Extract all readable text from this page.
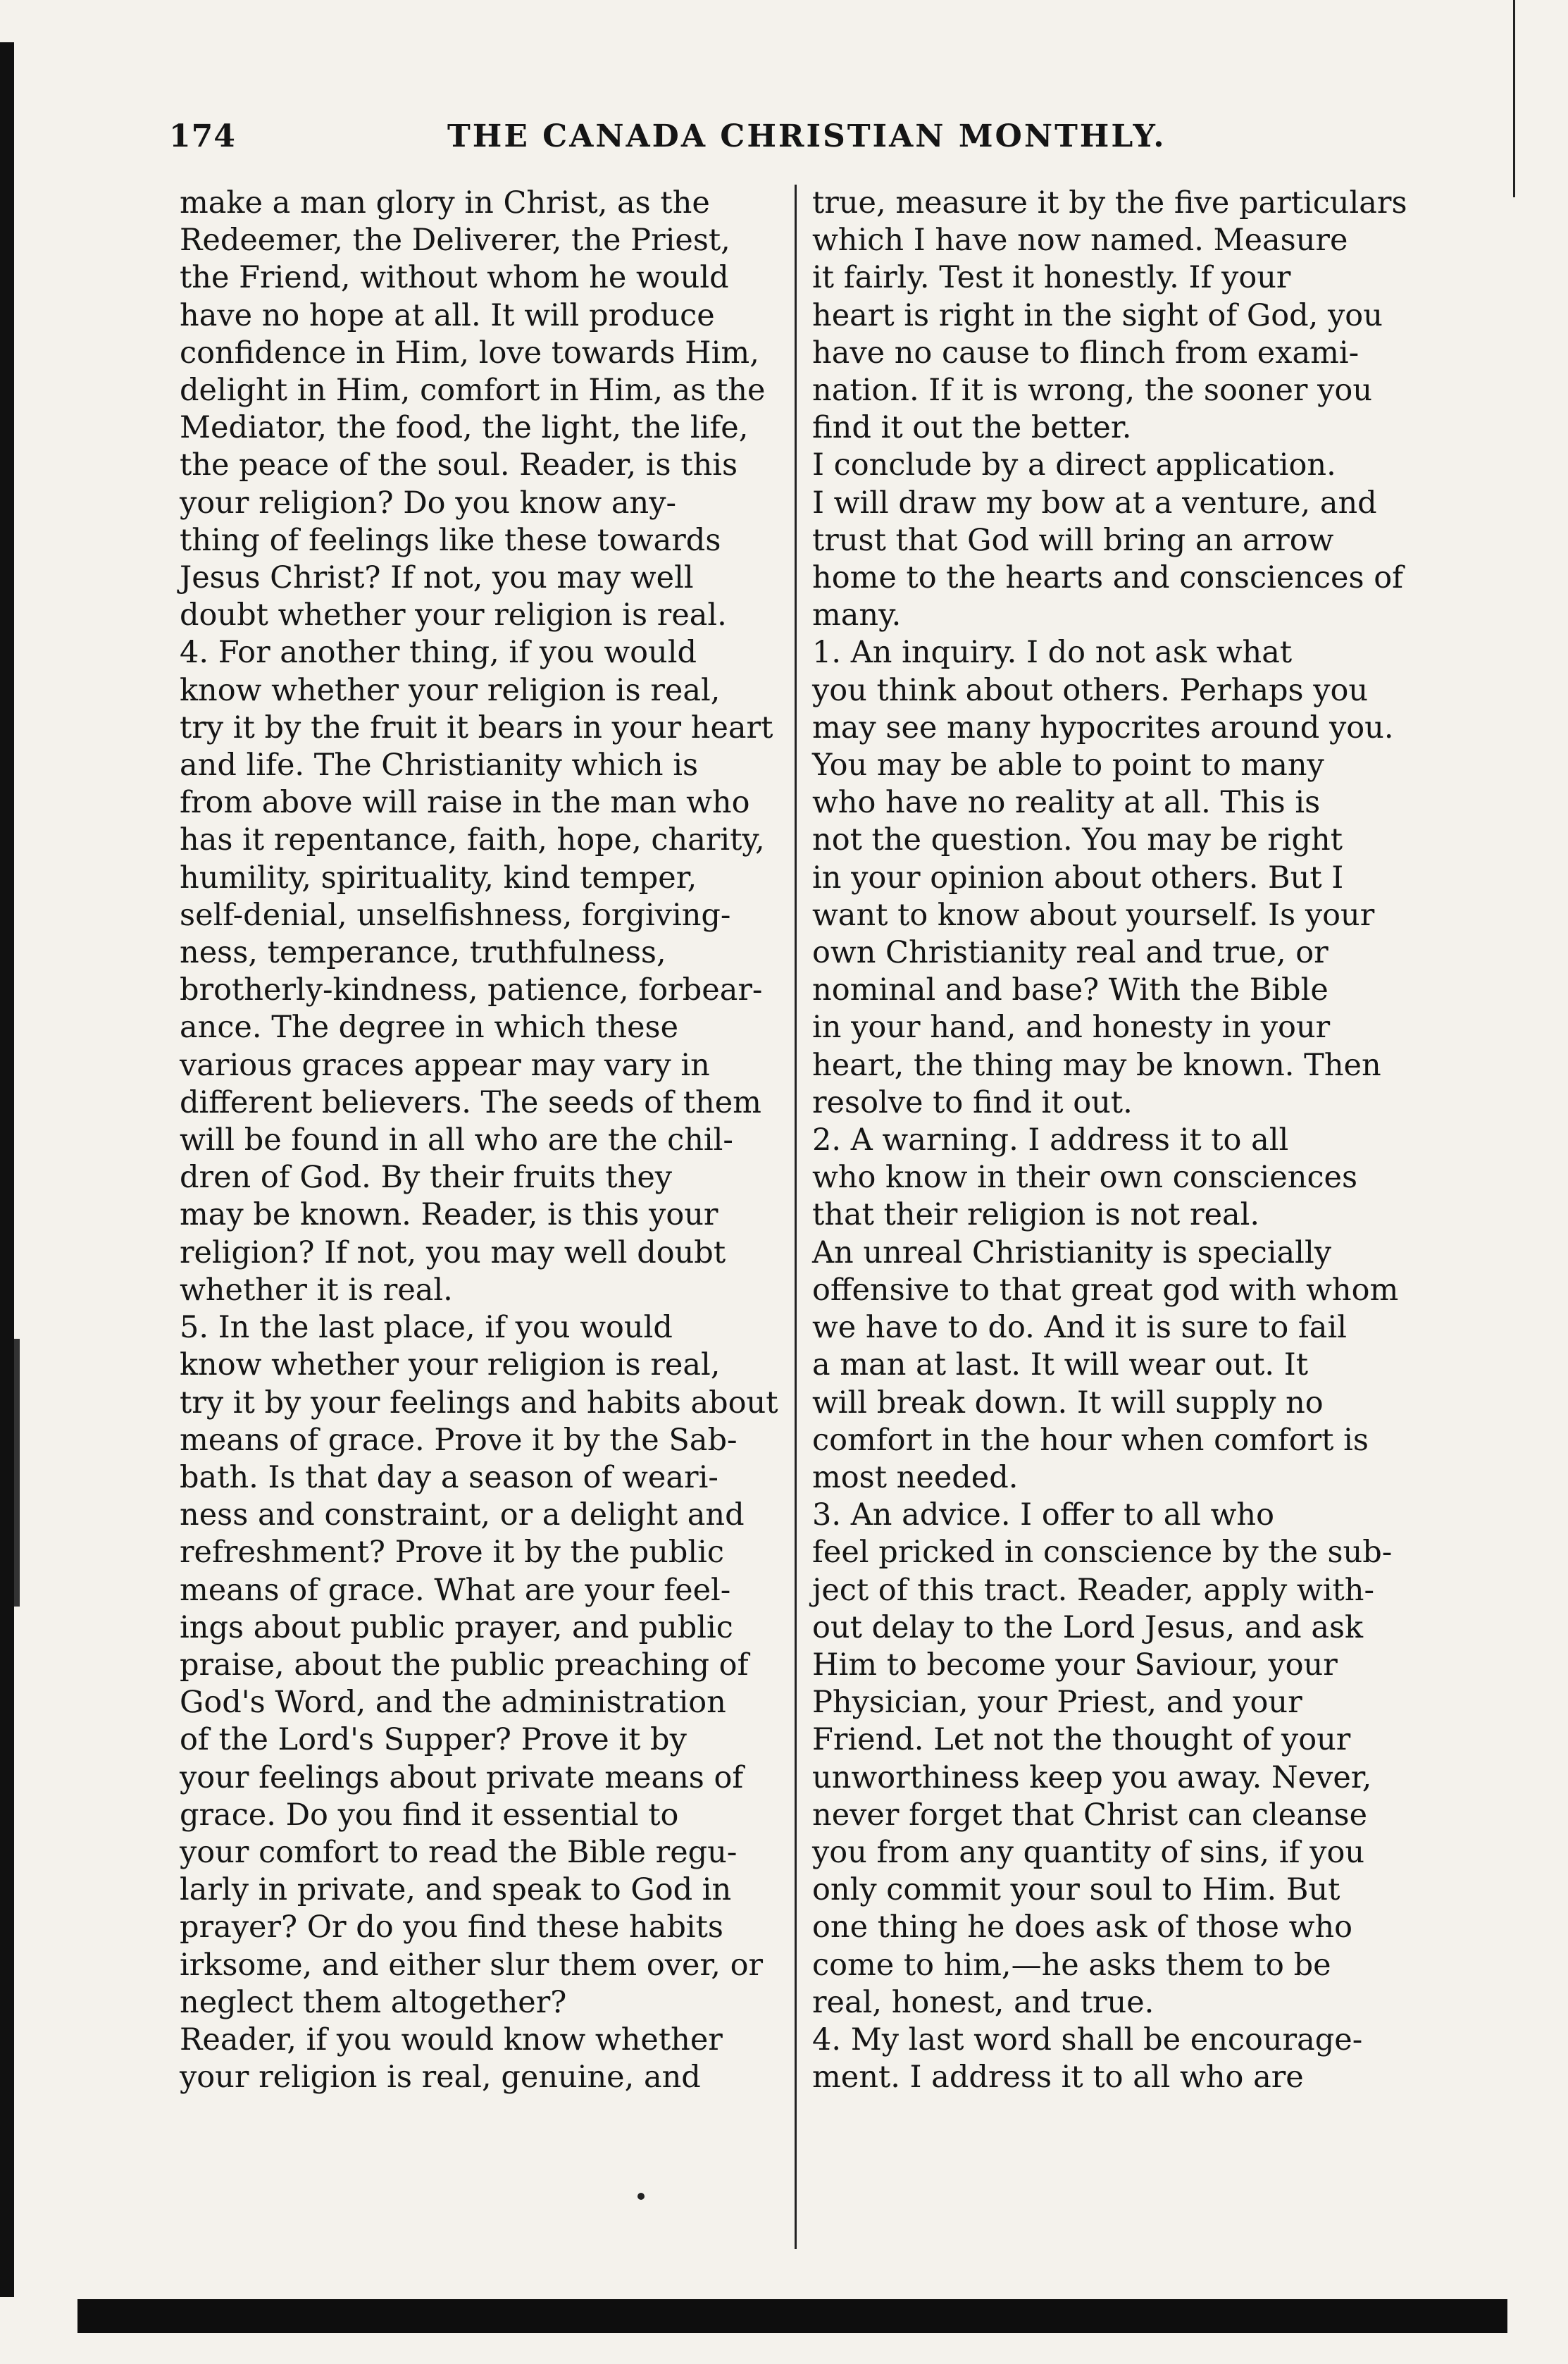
174	THE CANADA CHRISTIAN MONTHLY.

make a man glory in Christ, as the
Redeemer, the Deliverer, the Priest,
the Friend, without whom he would
have no hope at all. It will produce
confidence in Him, love towards Him,
delight in Him, comfort in Him, as the
Mediator, the food, the light, the life,
the peace of the soul. Reader, is this
your religion? Do you know any-
thing of feelings like these towards
Jesus Christ? If not, you may well
doubt whether your religion is real.
4. For another thing, if you would
know whether your religion is real,
try it by the fruit it bears in your heart
and life. The Christianity which is
from above will raise in the man who
has it repentance, faith, hope, charity,
humility, spirituality, kind temper,
self-denial, unselfishness, forgiving-
ness, temperance, truthfulness,
brotherly-kindness, patience, forbear-
ance. The degree in which these
various graces appear may vary in
different believers. The seeds of them
will be found in all who are the chil-
dren of God. By their fruits they
may be known. Reader, is this your
religion? If not, you may well doubt
whether it is real.
5. In the last place, if you would
know whether your religion is real,
try it by your feelings and habits about
means of grace. Prove it by the Sab-
bath. Is that day a season of weari-
ness and constraint, or a delight and
refreshment? Prove it by the public
means of grace. What are your feel-
ings about public prayer, and public
praise, about the public preaching of
God's Word, and the administration
of the Lord's Supper? Prove it by
your feelings about private means of
grace. Do you find it essential to
your comfort to read the Bible regu-
larly in private, and speak to God in
prayer? Or do you find these habits
irksome, and either slur them over, or
neglect them altogether?
Reader, if you would know whether
your religion is real, genuine, and

true, measure it by the five particulars
which I have now named. Measure
it fairly. Test it honestly. If your
heart is right in the sight of God, you
have no cause to flinch from exami-
nation. If it is wrong, the sooner you
find it out the better.
I conclude by a direct application.
I will draw my bow at a venture, and
trust that God will bring an arrow
home to the hearts and consciences of
many.
1. An inquiry. I do not ask what
you think about others. Perhaps you
may see many hypocrites around you.
You may be able to point to many
who have no reality at all. This is
not the question. You may be right
in your opinion about others. But I
want to know about yourself. Is your
own Christianity real and true, or
nominal and base? With the Bible
in your hand, and honesty in your
heart, the thing may be known. Then
resolve to find it out.
2. A warning. I address it to all
who know in their own consciences
that their religion is not real.
An unreal Christianity is specially
offensive to that great god with whom
we have to do. And it is sure to fail
a man at last. It will wear out. It
will break down. It will supply no
comfort in the hour when comfort is
most needed.
3. An advice. I offer to all who
feel pricked in conscience by the sub-
ject of this tract. Reader, apply with-
out delay to the Lord Jesus, and ask
Him to become your Saviour, your
Physician, your Priest, and your
Friend. Let not the thought of your
unworthiness keep you away. Never,
never forget that Christ can cleanse
you from any quantity of sins, if you
only commit your soul to Him. But
one thing he does ask of those who
come to him,—he asks them to be
real, honest, and true.
4. My last word shall be encourage-
ment. I address it to all who are
